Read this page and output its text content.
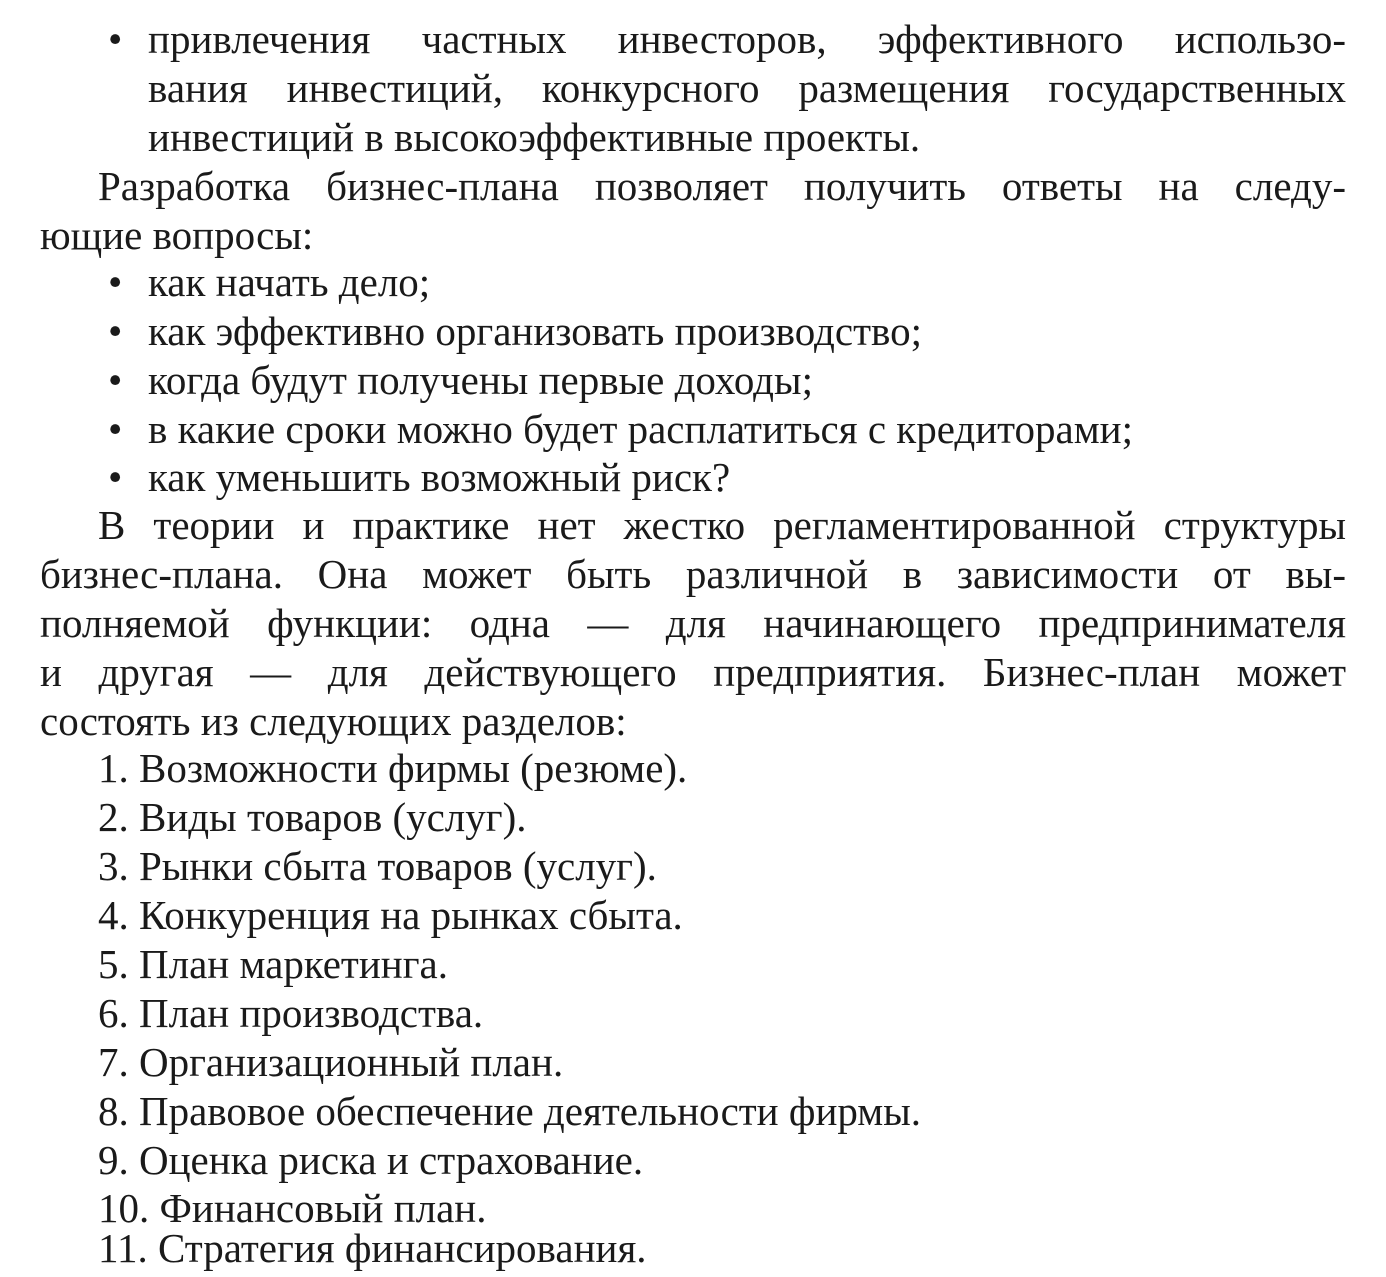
• привлечения частных инвесторов, эффективного использо-
вания инвестиций, конкурсного размещения государственных
инвестиций в высокоэффективные проекты.
Разработка бизнес-плана позволяет получить ответы на следу-
ющие вопросы:
• как начать дело;
• как эффективно организовать производство;
• когда будут получены первые доходы;
• в какие сроки можно будет расплатиться с кредиторами;
• как уменьшить возможный риск?
В теории и практике нет жестко регламентированной структуры
бизнес-плана. Она может быть различной в зависимости от вы-
полняемой функции: одна — для начинающего предпринимателя
и другая — для действующего предприятия. Бизнес-план может
состоять из следующих разделов:
1. Возможности фирмы (резюме).
2. Виды товаров (услуг).
3. Рынки сбыта товаров (услуг).
4. Конкуренция на рынках сбыта.
5. План маркетинга.
6. План производства.
7. Организационный план.
8. Правовое обеспечение деятельности фирмы.
9. Оценка риска и страхование.
10. Финансовый план.
11. Стратегия финансирования.
